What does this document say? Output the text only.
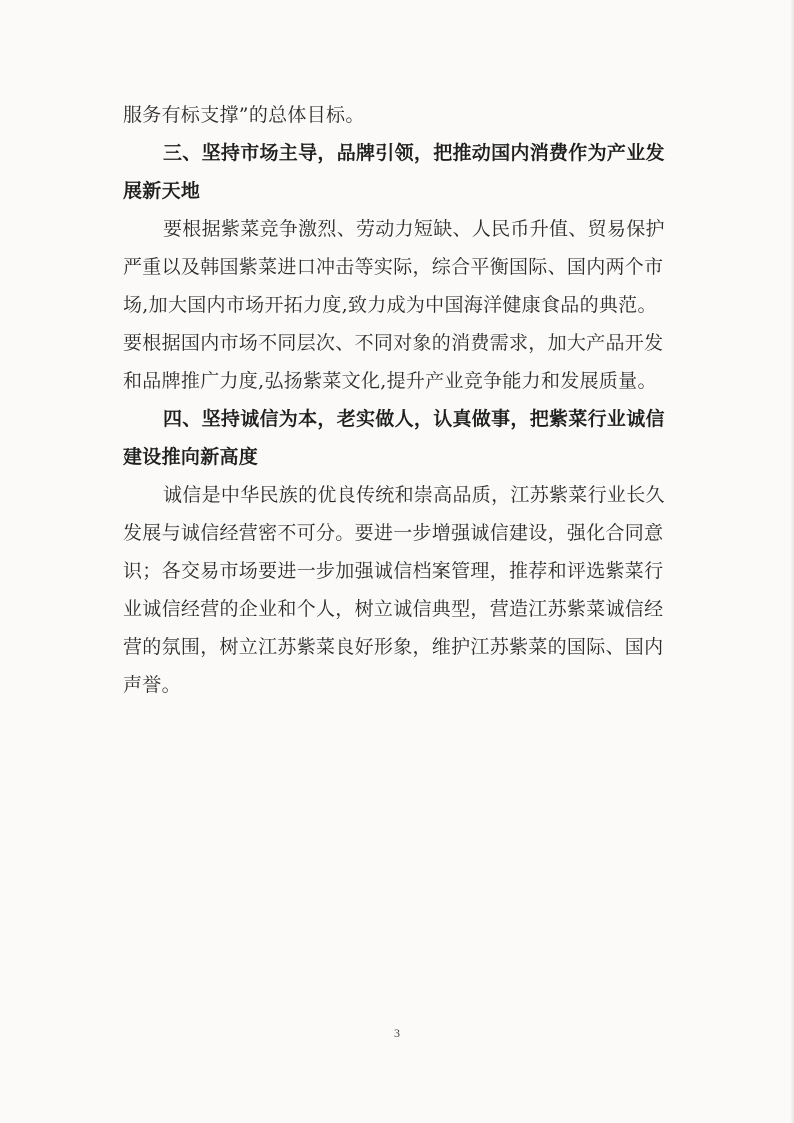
服务有标支撑”的总体目标。
三、坚持市场主导，品牌引领，把推动国内消费作为产业发
展新天地
要根据紫菜竞争激烈、劳动力短缺、人民币升值、贸易保护
严重以及韩国紫菜进口冲击等实际，综合平衡国际、国内两个市
场,加大国内市场开拓力度,致力成为中国海洋健康食品的典范。
要根据国内市场不同层次、不同对象的消费需求，加大产品开发
和品牌推广力度,弘扬紫菜文化,提升产业竞争能力和发展质量。
四、坚持诚信为本，老实做人，认真做事，把紫菜行业诚信
建设推向新高度
诚信是中华民族的优良传统和崇高品质，江苏紫菜行业长久
发展与诚信经营密不可分。要进一步增强诚信建设，强化合同意
识；各交易市场要进一步加强诚信档案管理，推荐和评选紫菜行
业诚信经营的企业和个人，树立诚信典型，营造江苏紫菜诚信经
营的氛围，树立江苏紫菜良好形象，维护江苏紫菜的国际、国内
声誉。
3
